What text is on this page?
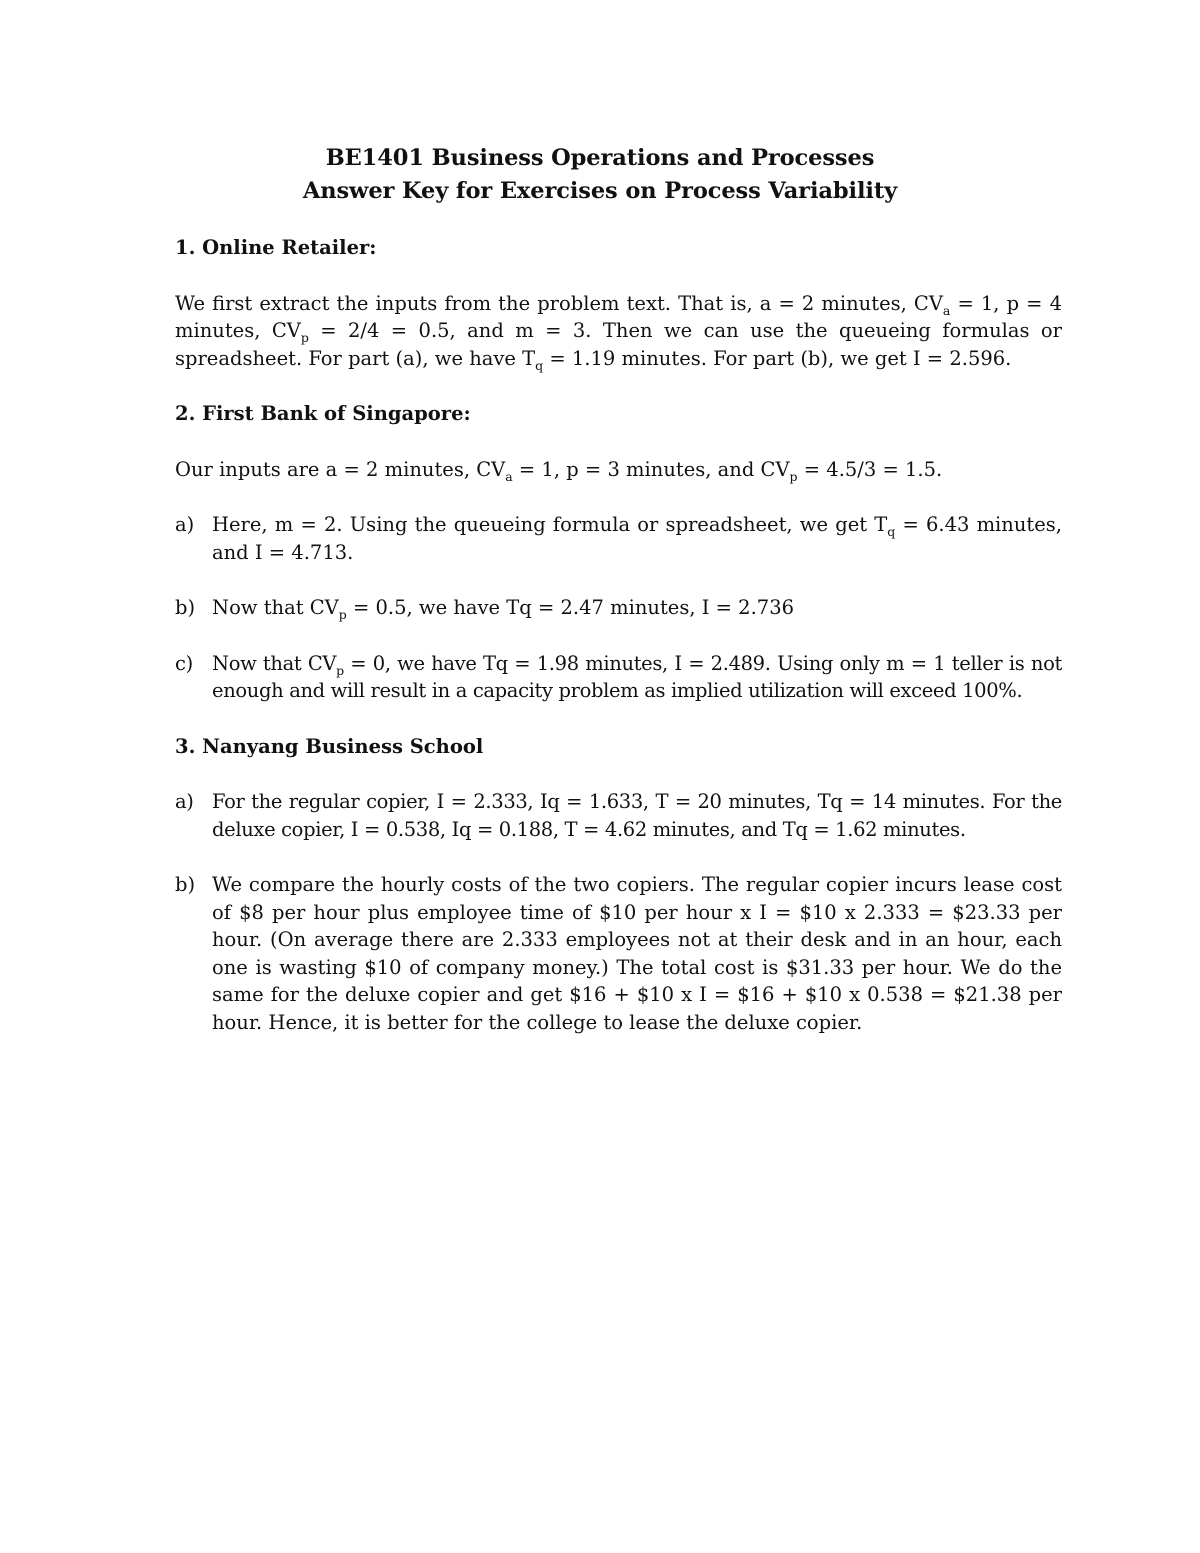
BE1401 Business Operations and Processes
Answer Key for Exercises on Process Variability
1. Online Retailer:
We first extract the inputs from the problem text. That is, a = 2 minutes, $CV_a = 1$, p = 4 minutes, $CV_p = 2/4 = 0.5$, and m = 3. Then we can use the queueing formulas or spreadsheet. For part (a), we have $T_q = 1.19$ minutes. For part (b), we get I = 2.596.
2. First Bank of Singapore:
Our inputs are a = 2 minutes, $CV_a = 1$, p = 3 minutes, and $CV_p = 4.5/3 = 1.5$.
a) Here, m = 2. Using the queueing formula or spreadsheet, we get $T_q = 6.43$ minutes, and I = 4.713.
b) Now that $CV_p = 0.5$, we have Tq = 2.47 minutes, I = 2.736
c) Now that $CV_p = 0$, we have Tq = 1.98 minutes, I = 2.489. Using only m = 1 teller is not enough and will result in a capacity problem as implied utilization will exceed 100%.
3. Nanyang Business School
a) For the regular copier, I = 2.333, Iq = 1.633, T = 20 minutes, Tq = 14 minutes. For the deluxe copier, I = 0.538, Iq = 0.188, T = 4.62 minutes, and Tq = 1.62 minutes.
b) We compare the hourly costs of the two copiers. The regular copier incurs lease cost of $8 per hour plus employee time of $10 per hour x I = $10 x 2.333 = $23.33 per hour. (On average there are 2.333 employees not at their desk and in an hour, each one is wasting $10 of company money.) The total cost is $31.33 per hour. We do the same for the deluxe copier and get $16 + $10 x I = $16 + $10 x 0.538 = $21.38 per hour. Hence, it is better for the college to lease the deluxe copier.
